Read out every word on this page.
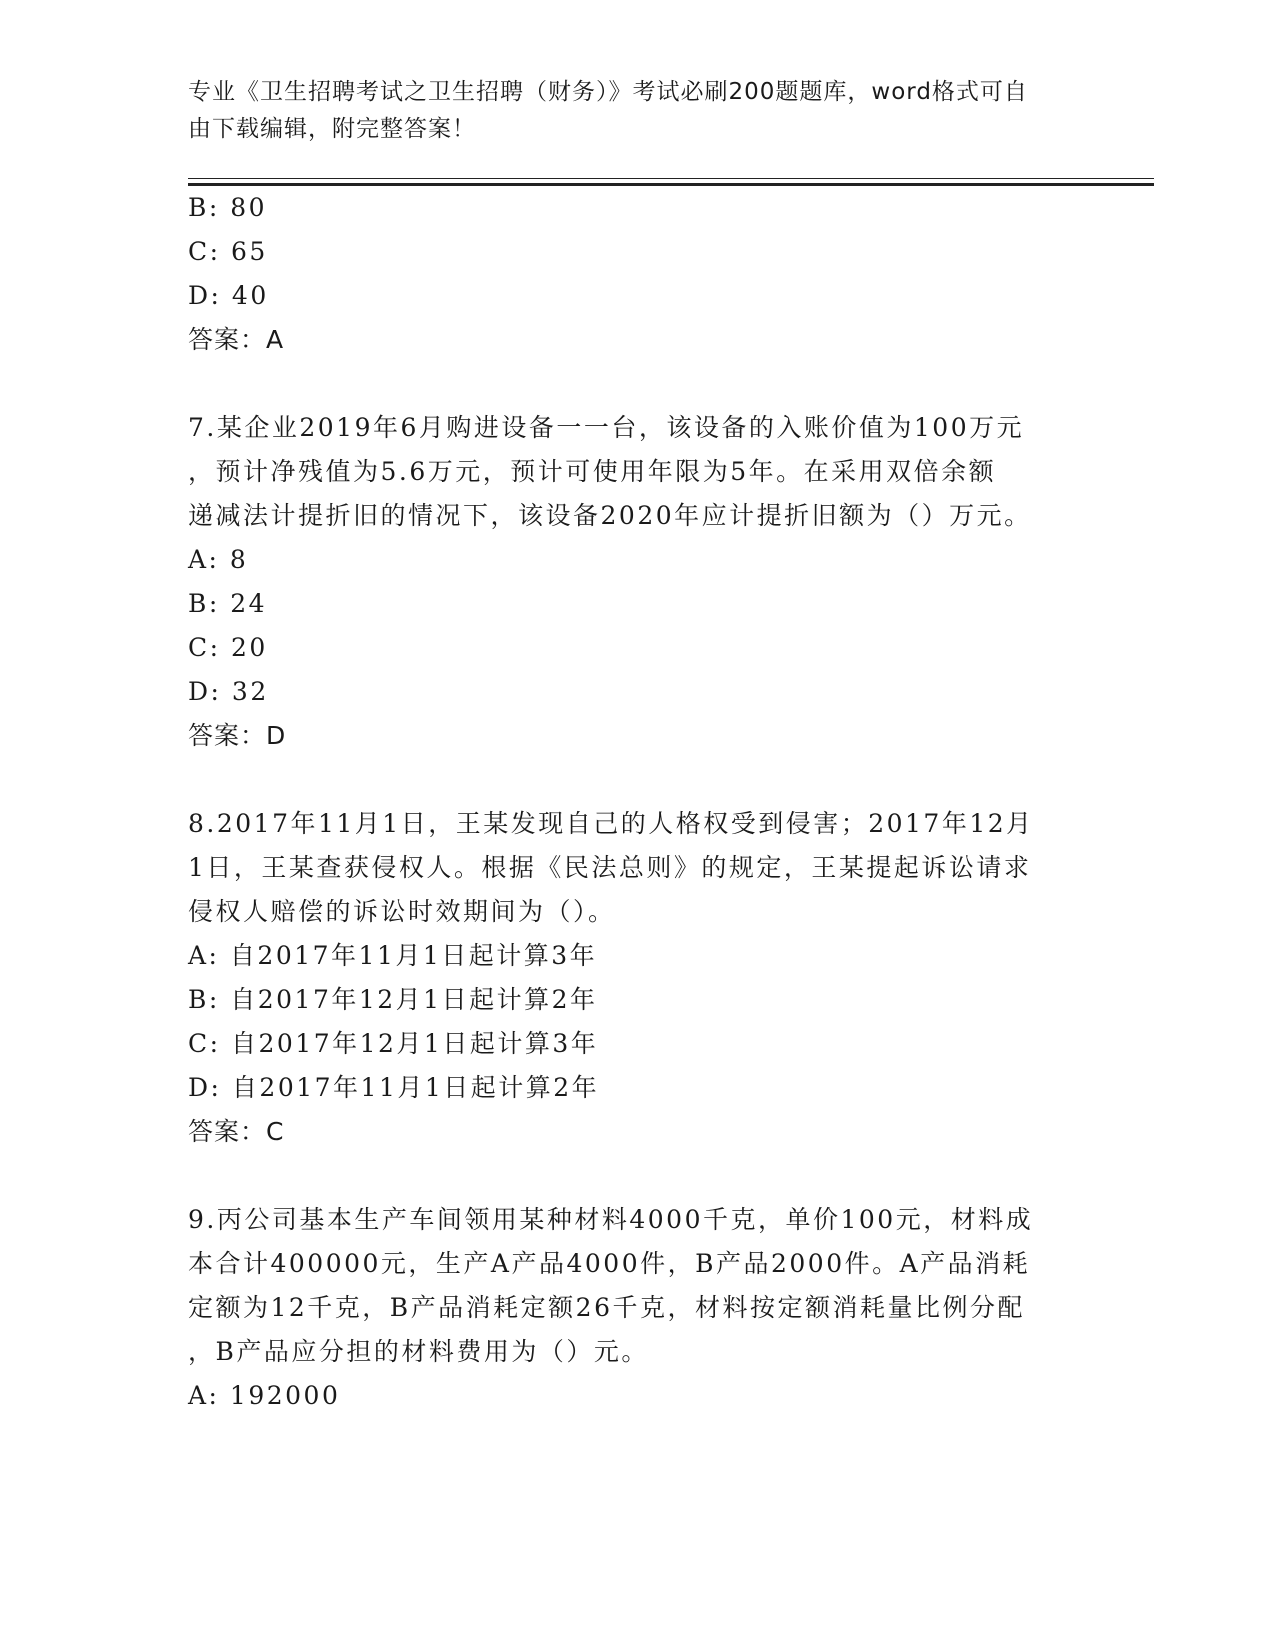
专业《卫生招聘考试之卫生招聘（财务）》考试必刷200题题库，word格式可自
由下载编辑，附完整答案！
B: 80
C: 65
D: 40
答案：A
7.某企业2019年6月购进设备一一台，该设备的入账价值为100万元
，预计净残值为5.6万元，预计可使用年限为5年。在采用双倍余额
递减法计提折旧的情况下，该设备2020年应计提折旧额为（）万元。
A: 8
B: 24
C: 20
D: 32
答案：D
8.2017年11月1日，王某发现自己的人格权受到侵害；2017年12月
1日，王某查获侵权人。根据《民法总则》的规定，王某提起诉讼请求
侵权人赔偿的诉讼时效期间为（）。
A: 自2017年11月1日起计算3年
B: 自2017年12月1日起计算2年
C: 自2017年12月1日起计算3年
D: 自2017年11月1日起计算2年
答案：C
9.丙公司基本生产车间领用某种材料4000千克，单价100元，材料成
本合计400000元，生产A产品4000件，B产品2000件。A产品消耗
定额为12千克，B产品消耗定额26千克，材料按定额消耗量比例分配
，B产品应分担的材料费用为（）元。
A: 192000
